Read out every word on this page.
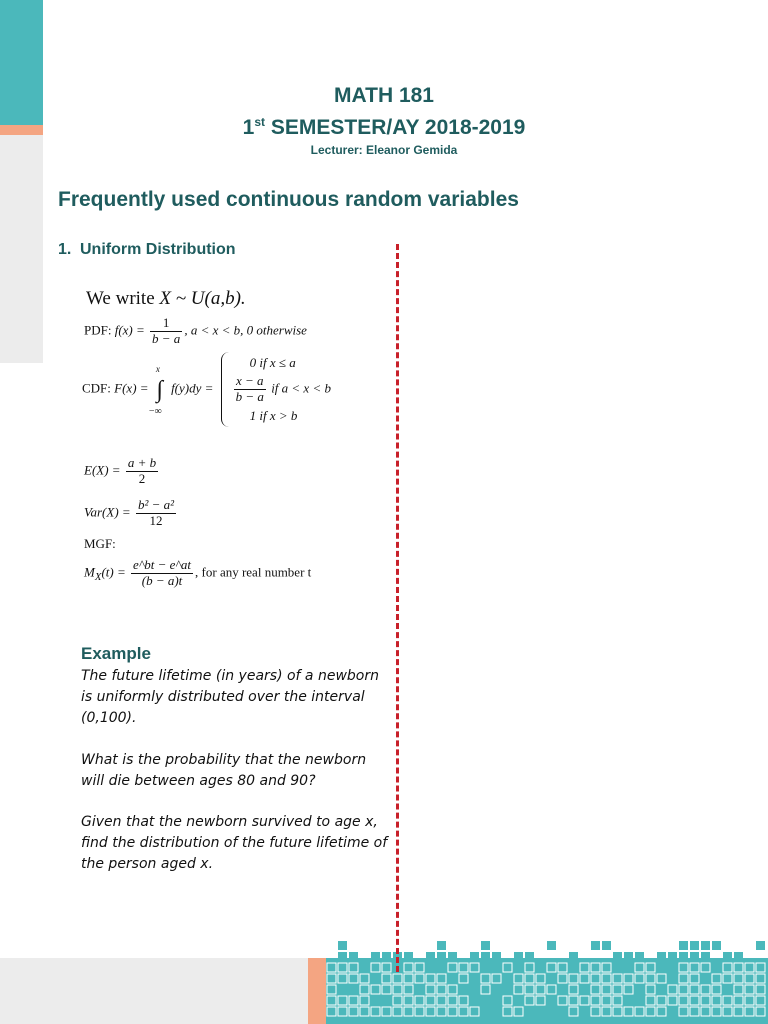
MATH 181
1st SEMESTER/AY 2018-2019
Lecturer: Eleanor Gemida
Frequently used continuous random variables
1. Uniform Distribution
We write X ~ U(a,b).
PDF: $f(x) = \frac{1}{b - a}$ , a < x < b, 0 otherwise
CDF: F(x) =
x
∫
−∞
f(y)dy =
0 if x ≤ a
$\frac{x - a}{b - a}$ if a < x < b
1 if x > b
$E(X) = \frac{a + b}{2}$
$Var(X) = \frac{\text{b² − a²}}{12}$
MGF:
$M_X(t) = \frac{e\^{}bt - e\^{}at}{(b - a)t}$ , for any real number t
Example
The future lifetime (in years) of a newborn is uniformly distributed over the interval (0,100).
What is the probability that the newborn will die between ages 80 and 90?
Given that the newborn survived to age x, find the distribution of the future lifetime of the person aged x.
